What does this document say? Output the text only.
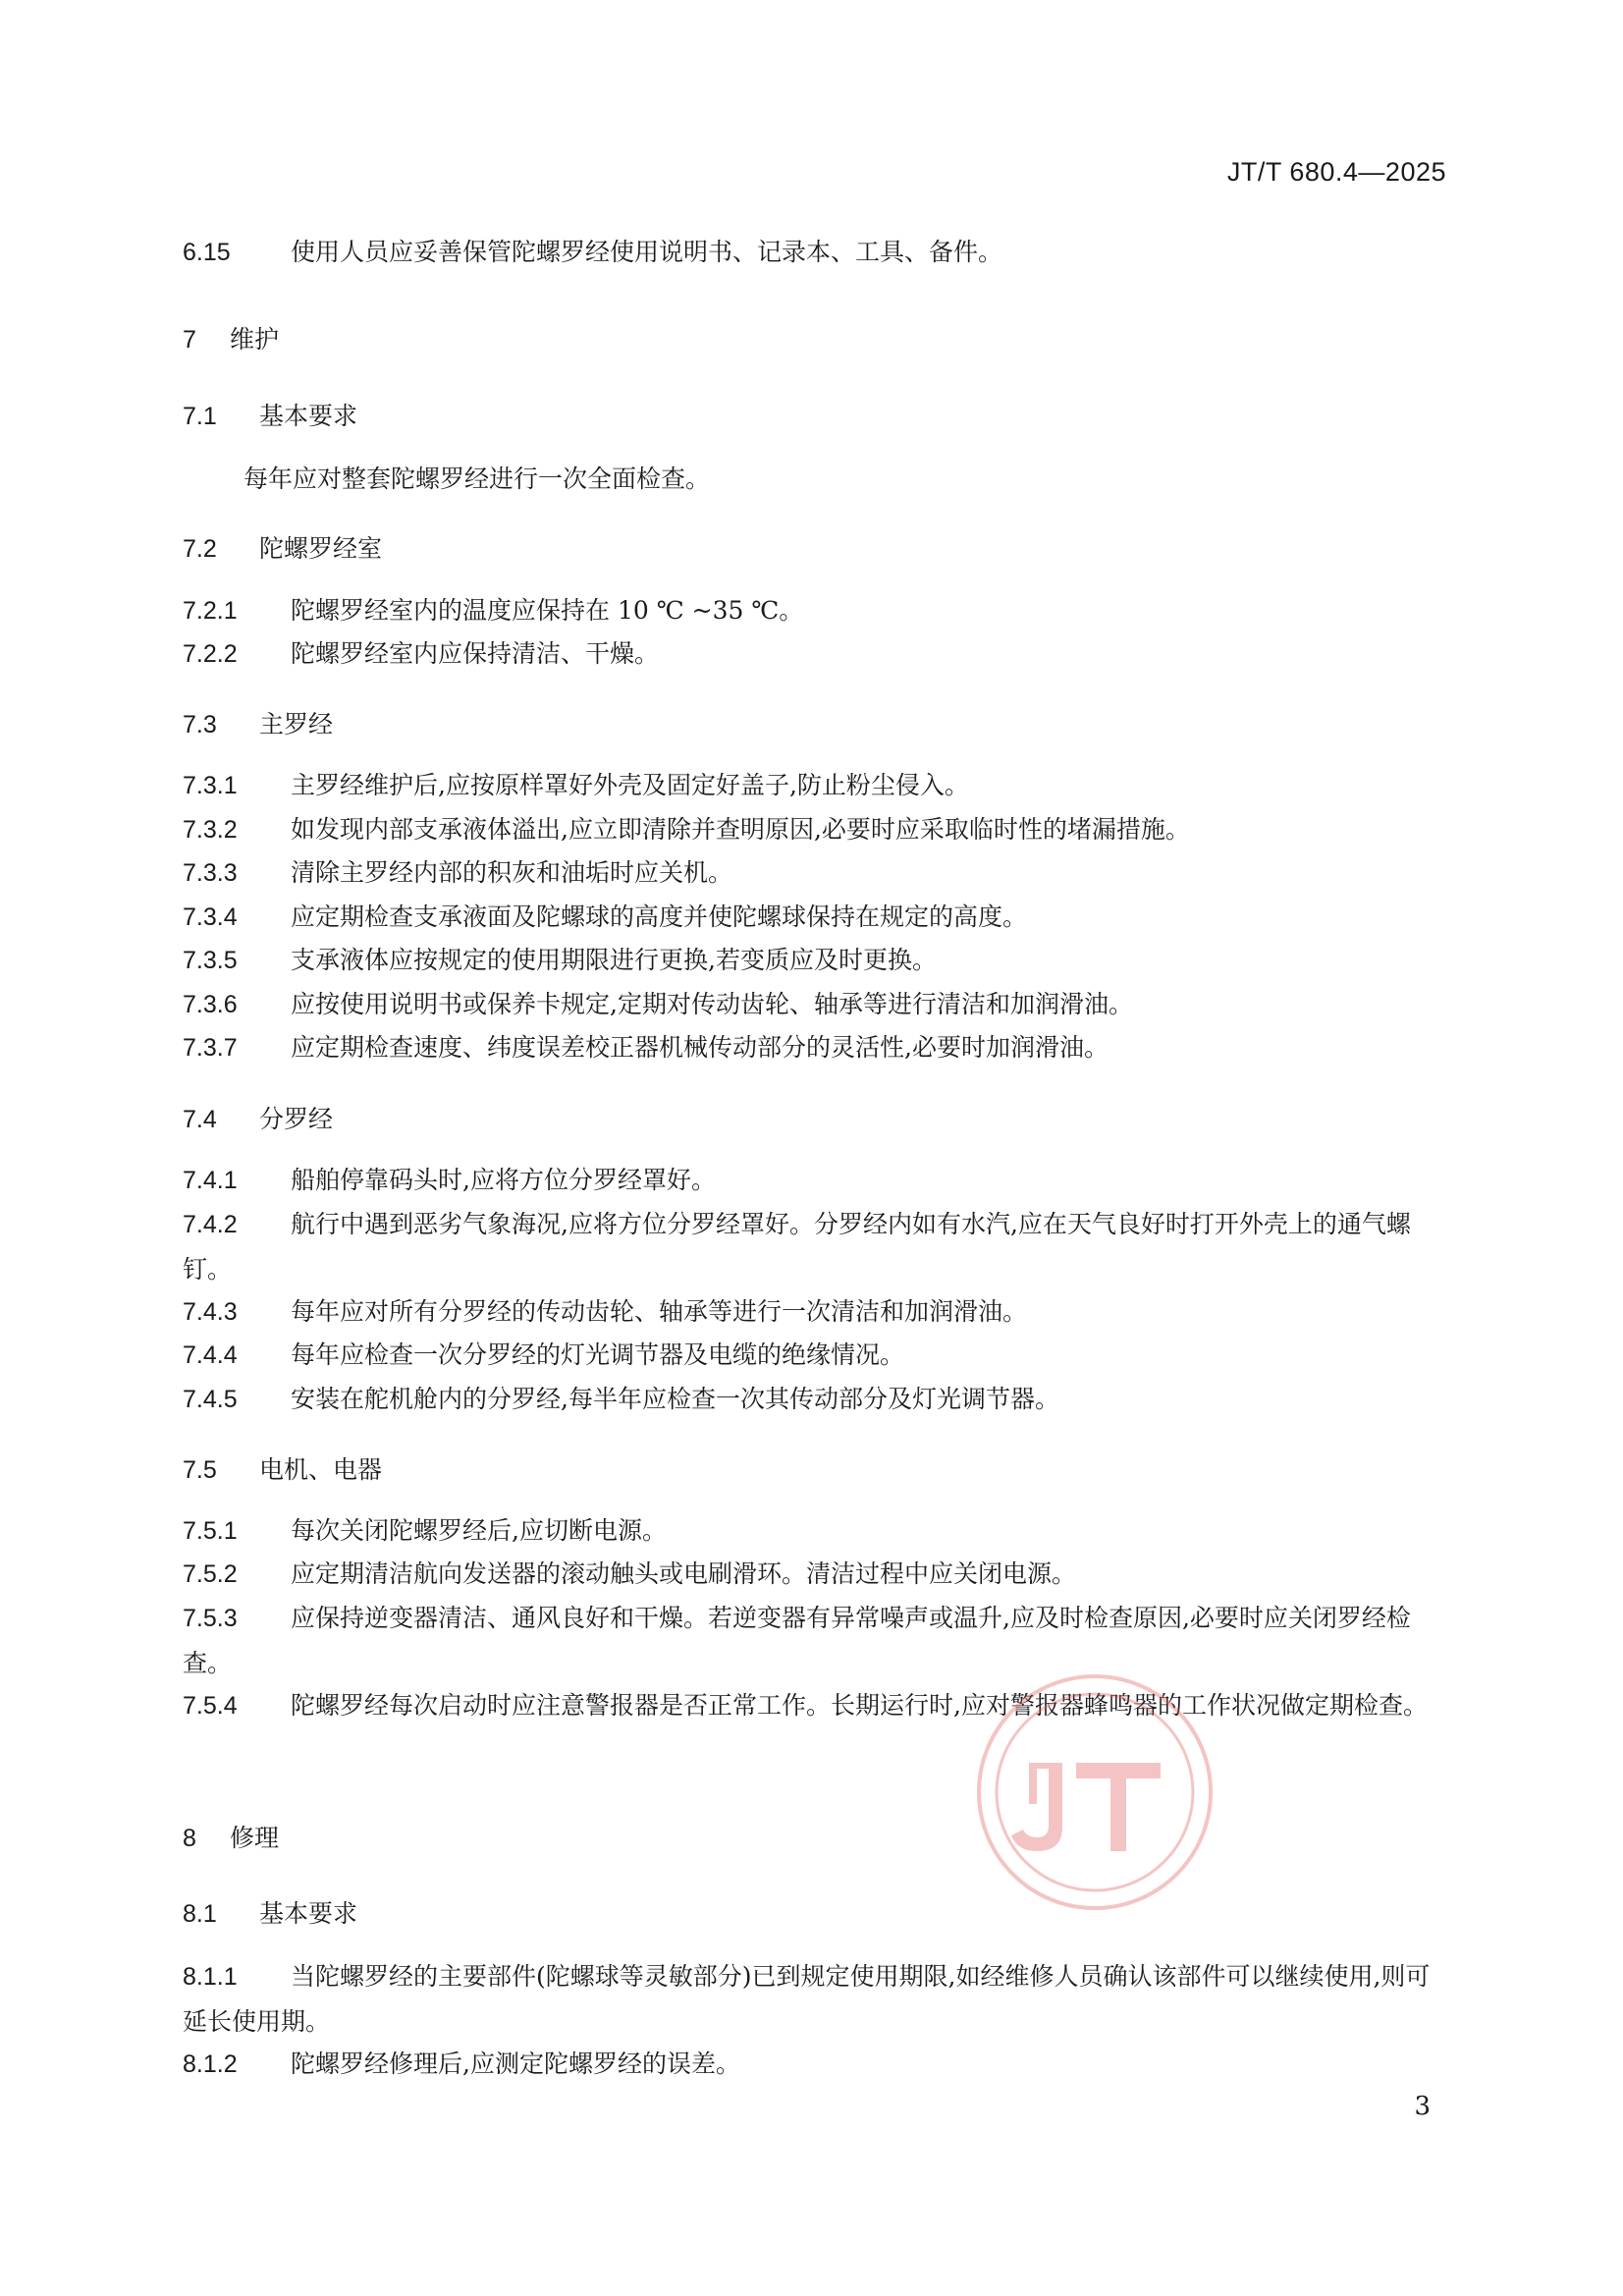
JT/T 680.4—2025
6.15 使用人员应妥善保管陀螺罗经使用说明书、记录本、工具、备件。
7 维护
7.1 基本要求
每年应对整套陀螺罗经进行一次全面检查。
7.2 陀螺罗经室
7.2.1 陀螺罗经室内的温度应保持在 10 ℃ ~35 ℃。
7.2.2 陀螺罗经室内应保持清洁、干燥。
7.3 主罗经
7.3.1 主罗经维护后,应按原样罩好外壳及固定好盖子,防止粉尘侵入。
7.3.2 如发现内部支承液体溢出,应立即清除并查明原因,必要时应采取临时性的堵漏措施。
7.3.3 清除主罗经内部的积灰和油垢时应关机。
7.3.4 应定期检查支承液面及陀螺球的高度并使陀螺球保持在规定的高度。
7.3.5 支承液体应按规定的使用期限进行更换,若变质应及时更换。
7.3.6 应按使用说明书或保养卡规定,定期对传动齿轮、轴承等进行清洁和加润滑油。
7.3.7 应定期检查速度、纬度误差校正器机械传动部分的灵活性,必要时加润滑油。
7.4 分罗经
7.4.1 船舶停靠码头时,应将方位分罗经罩好。
7.4.2 航行中遇到恶劣气象海况,应将方位分罗经罩好。分罗经内如有水汽,应在天气良好时打开外壳上的通气螺钉。
7.4.3 每年应对所有分罗经的传动齿轮、轴承等进行一次清洁和加润滑油。
7.4.4 每年应检查一次分罗经的灯光调节器及电缆的绝缘情况。
7.4.5 安装在舵机舱内的分罗经,每半年应检查一次其传动部分及灯光调节器。
7.5 电机、电器
7.5.1 每次关闭陀螺罗经后,应切断电源。
7.5.2 应定期清洁航向发送器的滚动触头或电刷滑环。清洁过程中应关闭电源。
7.5.3 应保持逆变器清洁、通风良好和干燥。若逆变器有异常噪声或温升,应及时检查原因,必要时应关闭罗经检查。
7.5.4 陀螺罗经每次启动时应注意警报器是否正常工作。长期运行时,应对警报器蜂鸣器的工作状况做定期检查。
8 修理
8.1 基本要求
8.1.1 当陀螺罗经的主要部件(陀螺球等灵敏部分)已到规定使用期限,如经维修人员确认该部件可以继续使用,则可延长使用期。
8.1.2 陀螺罗经修理后,应测定陀螺罗经的误差。
3
